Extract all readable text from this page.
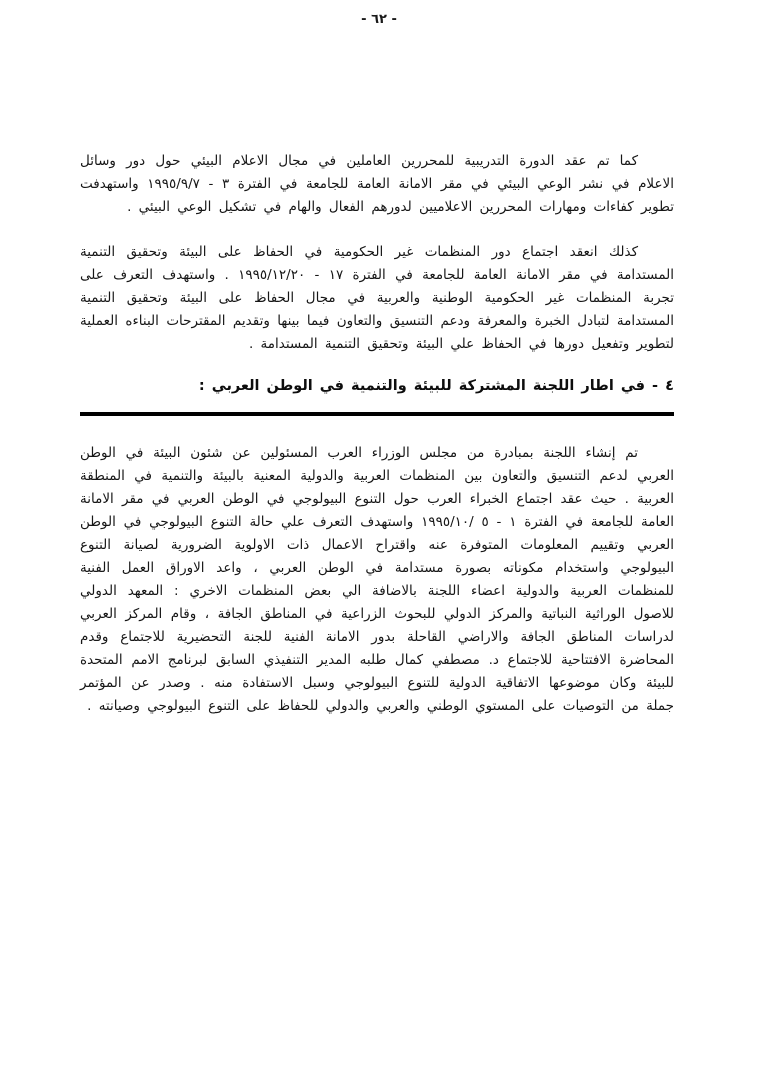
- ٦٢ -

كما تم عقد الدورة التدريبية للمحررين العاملين في مجال الاعلام البيئي حول دور وسائل الاعلام في نشر الوعي البيئي في مقر الامانة العامة للجامعة في الفترة ٣ - ١٩٩٥/٩/٧ واستهدفت تطوير كفاءات ومهارات المحررين الاعلاميين لدورهم الفعال والهام في تشكيل الوعي البيئي .

كذلك انعقد اجتماع دور المنظمات غير الحكومية في الحفاظ على البيئة وتحقيق التنمية المستدامة في مقر الامانة العامة للجامعة في الفترة ١٧ - ١٩٩٥/١٢/٢٠ . واستهدف التعرف على تجربة المنظمات غير الحكومية الوطنية والعربية في مجال الحفاظ على البيئة وتحقيق التنمية المستدامة لتبادل الخبرة والمعرفة ودعم التنسيق والتعاون فيما بينها وتقديم المقترحات البناءه العملية لتطوير وتفعيل دورها في الحفاظ علي البيئة وتحقيق التنمية المستدامة .

٤ - في اطار اللجنة المشتركة للبيئة والتنمية في الوطن العربي :

تم إنشاء اللجنة بمبادرة من مجلس الوزراء العرب المسئولين عن شئون البيئة في الوطن العربي لدعم التنسيق والتعاون بين المنظمات العربية والدولية المعنية بالبيئة والتنمية في المنطقة العربية . حيث عقد اجتماع الخبراء العرب حول التنوع البيولوجي في الوطن العربي في مقر الامانة العامة للجامعة في الفترة ١ - ٥ /١٩٩٥/١٠ واستهدف التعرف علي حالة التنوع البيولوجي في الوطن العربي وتقييم المعلومات المتوفرة عنه واقتراح الاعمال ذات الاولوية الضرورية لصيانة التنوع البيولوجي واستخدام مكوناته بصورة مستدامة في الوطن العربي ، واعد الاوراق العمل الفنية للمنظمات العربية والدولية اعضاء اللجنة بالاضافة الي بعض المنظمات الاخري : المعهد الدولي للاصول الوراثية النباتية والمركز الدولي للبحوث الزراعية في المناطق الجافة ، وقام المركز العربي لدراسات المناطق الجافة والاراضي القاحلة بدور الامانة الفنية للجنة التحضيرية للاجتماع وقدم المحاضرة الافتتاحية للاجتماع د. مصطفي كمال طلبه المدير التنفيذي السابق لبرنامج الامم المتحدة للبيئة وكان موضوعها الاتفاقية الدولية للتنوع البيولوجي وسبل الاستفادة منه . وصدر عن المؤتمر جملة من التوصيات على المستوي الوطني والعربي والدولي للحفاظ على التنوع البيولوجي وصيانته .
